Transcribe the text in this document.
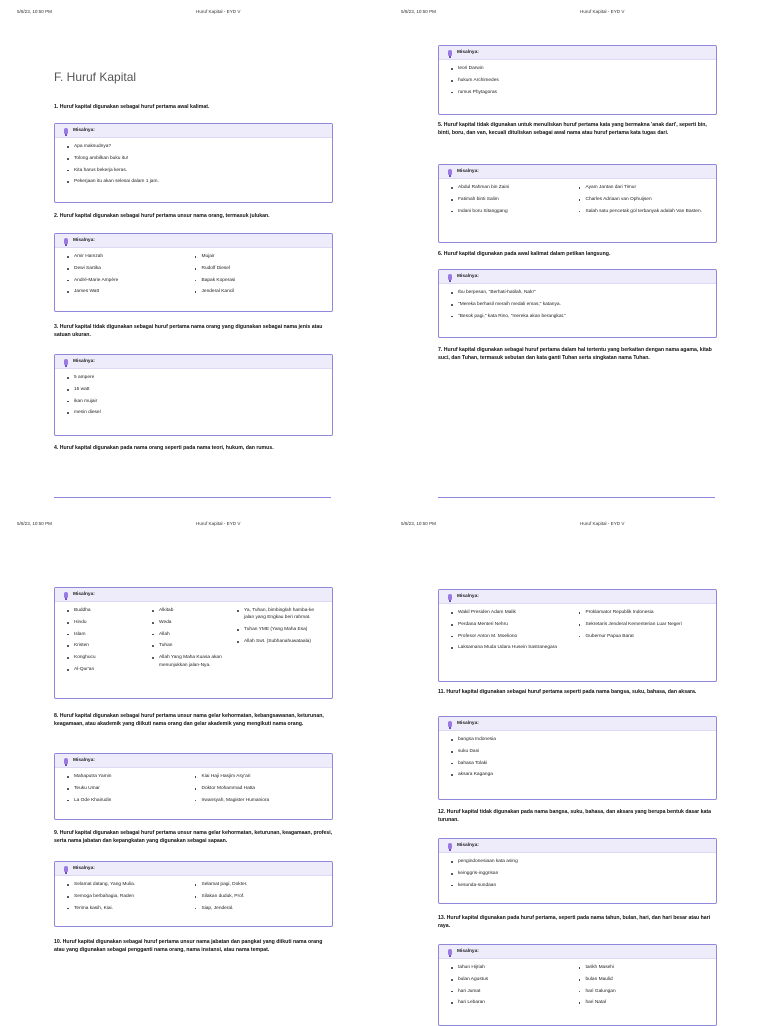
5/8/23, 10:50 PM	Huruf Kapital - EYD V
F. Huruf Kapital

1. Huruf kapital digunakan sebagai huruf pertama awal kalimat.

2. Huruf kapital digunakan sebagai huruf pertama unsur nama orang, termasuk julukan.

3. Huruf kapital tidak digunakan sebagai huruf pertama nama orang yang digunakan sebagai nama jenis atau satuan ukuran.

4. Huruf kapital digunakan pada nama orang seperti pada nama teori, hukum, dan rumus.

Misalnya:
Apa maksudnya?
Tolong ambilkan buku itu!
Kita harus bekerja keras.
Pekerjaan itu akan selesai dalam 1 jam.
Misalnya:
Amir Hamzah
Dewi Sartika
André-Marie Ampère
James Watt
Mujair
Rudolf Diesel
Bapak Koperasi
Jenderal Kancil
Misalnya:
5 ampere
15 watt
ikan mujair
mesin diesel
5/8/23, 10:50 PM	Huruf Kapital - EYD V

5. Huruf kapital tidak digunakan untuk menuliskan huruf pertama kata yang bermakna 'anak dari', seperti bin, binti, boru, dan van, kecuali dituliskan sebagai awal nama atau huruf pertama kata tugas dari.

6. Huruf kapital digunakan pada awal kalimat dalam petikan langsung.

7. Huruf kapital digunakan sebagai huruf pertama dalam hal tertentu yang berkaitan dengan nama agama, kitab suci, dan Tuhan, termasuk sebutan dan kata ganti Tuhan serta singkatan nama Tuhan.

Misalnya:
teori Darwin
hukum Archimedes
rumus Phytagoras
Misalnya:
Abdul Rahman bin Zaini
Fatimah binti Salim
Indani boru Sitanggang
Ayam Jantan dari Timur
Charles Adriaan van Ophuijsen
Salah satu pencetak gol terbanyak adalah Van Basten.
Misalnya:
Ibu berpesan, "Berhati-hatilah, Nak!"
"Mereka berhasil meraih medali emas," katanya.
"Besok pagi," kata Rino, "mereka akan berangkat."
5/8/23, 10:50 PM	Huruf Kapital - EYD V

8. Huruf kapital digunakan sebagai huruf pertama unsur nama gelar kehormatan, kebangsawanan, keturunan, keagamaan, atau akademik yang diikuti nama orang dan gelar akademik yang mengikuti nama orang.

9. Huruf kapital digunakan sebagai huruf pertama unsur nama gelar kehormatan, keturunan, keagamaan, profesi, serta nama jabatan dan kepangkatan yang digunakan sebagai sapaan.

10. Huruf kapital digunakan sebagai huruf pertama unsur nama jabatan dan pangkat yang diikuti nama orang atau yang digunakan sebagai pengganti nama orang, nama instansi, atau nama tempat.

Misalnya:
Buddha
Hindu
Islam
Kristen
Konghucu
Al-Qur'an
Alkitab
Weda
Allah
Tuhan
Allah Yang Maha Kuasa akan menunjukkan jalan-Nya.
Ya, Tuhan, bimbinglah hamba-ke jalan yang Engkau beri rahmat.
Tuhan YME (Yang Maha Esa)
Allah Swt. (Subhanahuwataala)
Misalnya:
Mahaputra Yamin
Teuku Umar
La Ode Khairudin
Kiai Haji Hasjim Asy'ari
Doktor Mohammad Hatta
Irwansyah, Magister Humaniora
Misalnya:
Selamat datang, Yang Mulia.
Semoga berbahagia, Raden
Terima kasih, Kiai.
Selamat pagi, Dokter.
Silakan duduk, Prof.
Siap, Jenderal.
5/8/23, 10:50 PM	Huruf Kapital - EYD V

11. Huruf kapital digunakan sebagai huruf pertama seperti pada nama bangsa, suku, bahasa, dan aksara.

12. Huruf kapital tidak digunakan pada nama bangsa, suku, bahasa, dan aksara yang berupa bentuk dasar kata turunan.

13. Huruf kapital digunakan pada huruf pertama, seperti pada nama tahun, bulan, hari, dan hari besar atau hari raya.

Misalnya:
Wakil Presiden Adam Malik
Perdana Menteri Nehru
Profesor Anton M. Moeliono
Laksamana Muda Udara Husein Sastranegara
Proklamator Republik Indonesia
Sekretaris Jenderal Kementerian Luar Negeri
Gubernur Papua Barat
Misalnya:
bangsa Indonesia
suku Dani
bahasa Tolaki
aksara Kaganga
Misalnya:
pengindonesiaan kata asing
keinggris-inggrisan
kesunda-sundaan
Misalnya:
tahun Hijriah
bulan Agustus
hari Jumat
hari Lebaran
tarikh Masehi
bulan Maulid
hari Galungan
hari Natal
